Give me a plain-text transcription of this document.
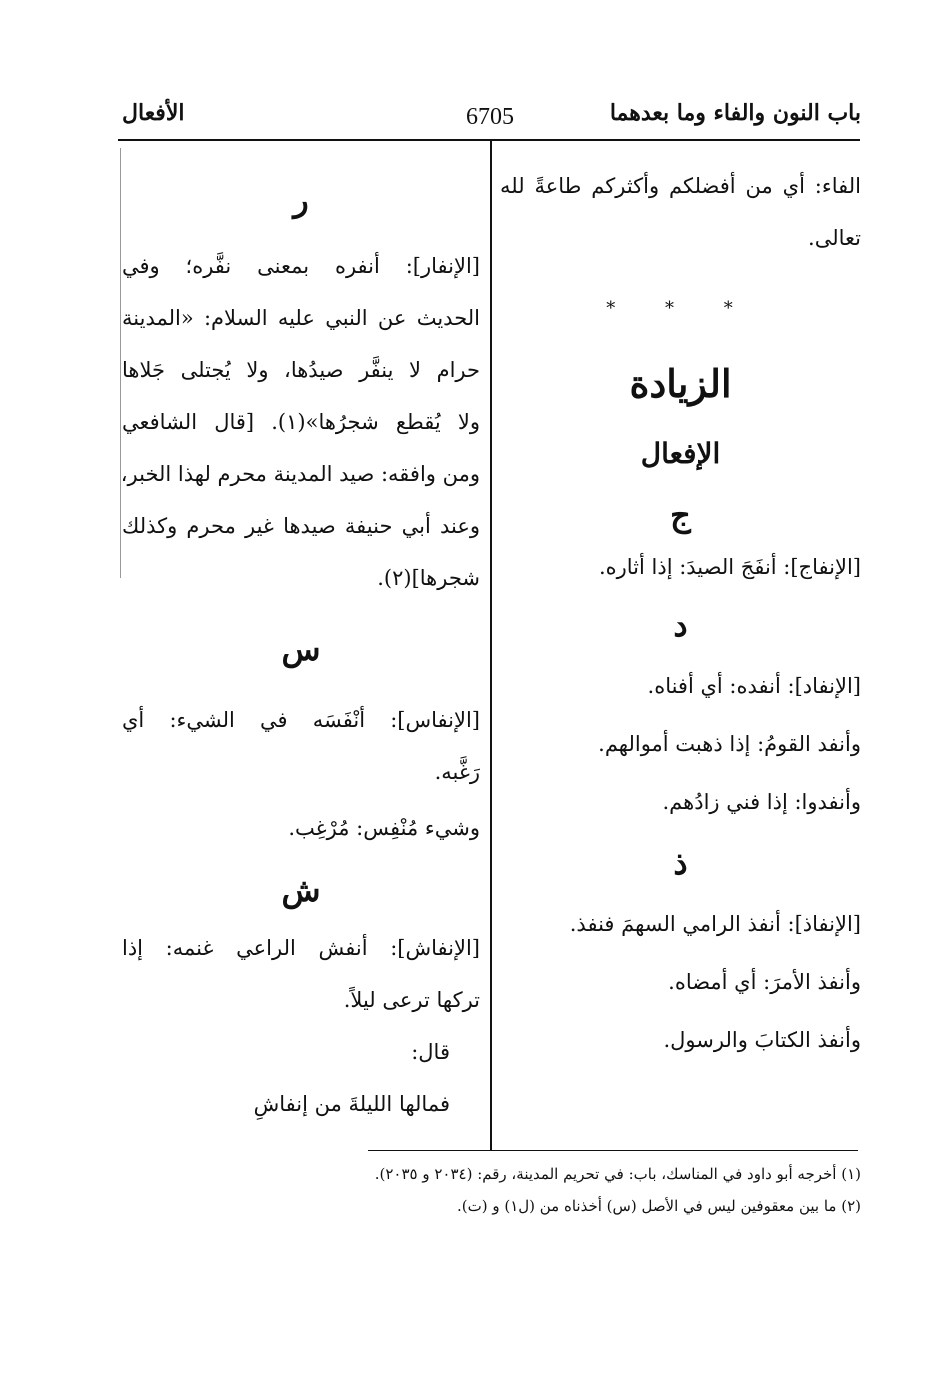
باب النون والفاء وما بعدهما
6705
الأفعال
الفاء: أي من أفضلكم وأكثركم طاعةً لله
تعالى.
* * *
الزيادة
الإفعال
ج
[الإنفاج]: أنفَجَ الصيدَ: إذا أثاره.
د
[الإنفاد]: أنفده: أي أفناه.
وأنفد القومُ: إذا ذهبت أموالهم.
وأنفدوا: إذا فني زادُهم.
ذ
[الإنفاذ]: أنفذ الرامي السهمَ فنفذ.
وأنفذ الأمرَ: أي أمضاه.
وأنفذ الكتابَ والرسول.
ر
[الإنفار]: أنفره بمعنى نفَّره؛ وفي
الحديث عن النبي عليه السلام: «المدينة
حرام لا ينفَّر صيدُها، ولا يُجتلى جَلاها
ولا يُقطع شجرُها»(١). [قال الشافعي
ومن وافقه: صيد المدينة محرم لهذا الخبر،
وعند أبي حنيفة صيدها غير محرم وكذلك
شجرها](٢).
س
[الإنفاس]: أنْفَسَه في الشيء: أي
رَغَّبه.
وشيء مُنْفِس: مُرْغِب.
ش
[الإنفاش]: أنفش الراعي غنمه: إذا
تركها ترعى ليلاً.
قال:
فمالها الليلةَ من إنفاشِ
(١) أخرجه أبو داود في المناسك، باب: في تحريم المدينة، رقم: (٢٠٣٤ و ٢٠٣٥).
(٢) ما بين معقوفين ليس في الأصل (س) أخذناه من (ل١) و (ت).
